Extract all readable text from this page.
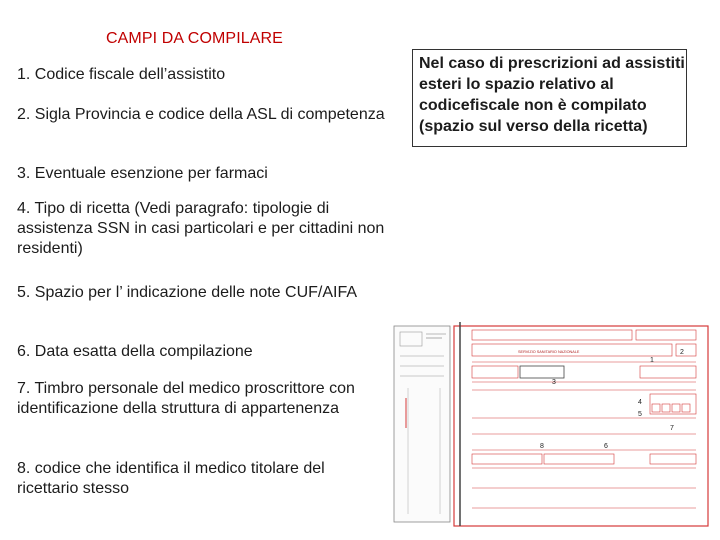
CAMPI DA COMPILARE
1. Codice fiscale dell’assistito
2. Sigla Provincia e codice della ASL di competenza
3. Eventuale esenzione per farmaci
4. Tipo di ricetta (Vedi paragrafo: tipologie di assistenza SSN in casi particolari e per cittadini non residenti)
5. Spazio per l’ indicazione delle note CUF/AIFA
6. Data esatta della compilazione
7. Timbro personale del medico proscrittore con identificazione della struttura di appartenenza
8. codice che identifica il medico titolare del ricettario stesso
Nel caso di prescrizioni ad assistiti esteri lo spazio relativo al codicefiscale non è compilato (spazio sul verso della ricetta)
SERVIZIO SANITARIO NAZIONALE
1
2
3
4
5
6
7
8
